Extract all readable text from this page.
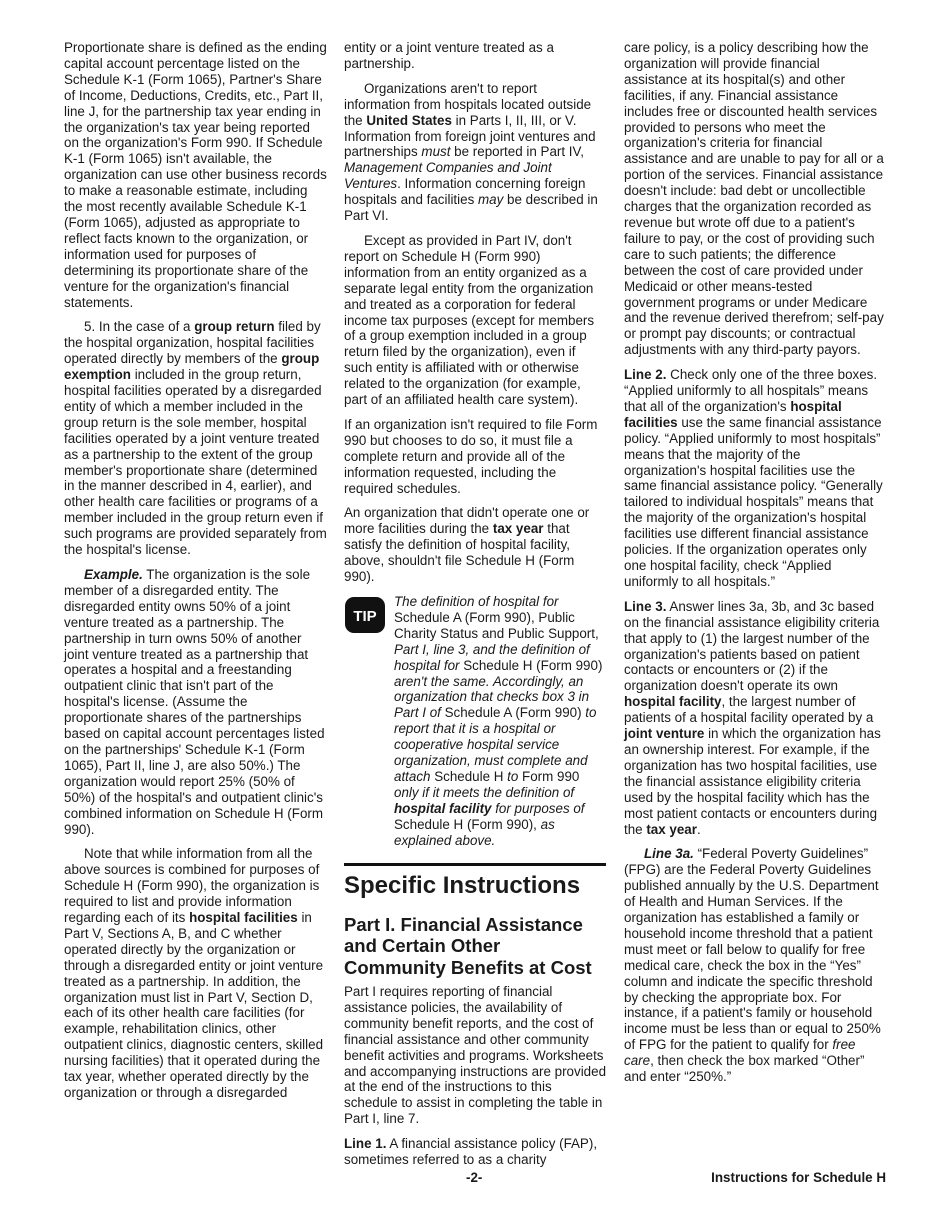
Proportionate share is defined as the ending capital account percentage listed on the Schedule K-1 (Form 1065), Partner's Share of Income, Deductions, Credits, etc., Part II, line J, for the partnership tax year ending in the organization's tax year being reported on the organization's Form 990. If Schedule K-1 (Form 1065) isn't available, the organization can use other business records to make a reasonable estimate, including the most recently available Schedule K-1 (Form 1065), adjusted as appropriate to reflect facts known to the organization, or information used for purposes of determining its proportionate share of the venture for the organization's financial statements.

5. In the case of a group return filed by the hospital organization, hospital facilities operated directly by members of the group exemption included in the group return, hospital facilities operated by a disregarded entity of which a member included in the group return is the sole member, hospital facilities operated by a joint venture treated as a partnership to the extent of the group member's proportionate share (determined in the manner described in 4, earlier), and other health care facilities or programs of a member included in the group return even if such programs are provided separately from the hospital's license.

Example. The organization is the sole member of a disregarded entity. The disregarded entity owns 50% of a joint venture treated as a partnership. The partnership in turn owns 50% of another joint venture treated as a partnership that operates a hospital and a freestanding outpatient clinic that isn't part of the hospital's license. (Assume the proportionate shares of the partnerships based on capital account percentages listed on the partnerships' Schedule K-1 (Form 1065), Part II, line J, are also 50%.) The organization would report 25% (50% of 50%) of the hospital's and outpatient clinic's combined information on Schedule H (Form 990).

Note that while information from all the above sources is combined for purposes of Schedule H (Form 990), the organization is required to list and provide information regarding each of its hospital facilities in Part V, Sections A, B, and C whether operated directly by the organization or through a disregarded entity or joint venture treated as a partnership. In addition, the organization must list in Part V, Section D, each of its other health care facilities (for example, rehabilitation clinics, other outpatient clinics, diagnostic centers, skilled nursing facilities) that it operated during the tax year, whether operated directly by the organization or through a disregarded

entity or a joint venture treated as a partnership.

Organizations aren't to report information from hospitals located outside the United States in Parts I, II, III, or V. Information from foreign joint ventures and partnerships must be reported in Part IV, Management Companies and Joint Ventures. Information concerning foreign hospitals and facilities may be described in Part VI.

Except as provided in Part IV, don't report on Schedule H (Form 990) information from an entity organized as a separate legal entity from the organization and treated as a corporation for federal income tax purposes (except for members of a group exemption included in a group return filed by the organization), even if such entity is affiliated with or otherwise related to the organization (for example, part of an affiliated health care system).

If an organization isn't required to file Form 990 but chooses to do so, it must file a complete return and provide all of the information requested, including the required schedules.

An organization that didn't operate one or more facilities during the tax year that satisfy the definition of hospital facility, above, shouldn't file Schedule H (Form 990).

TIP

The definition of hospital for Schedule A (Form 990), Public Charity Status and Public Support, Part I, line 3, and the definition of hospital for Schedule H (Form 990) aren't the same. Accordingly, an organization that checks box 3 in Part I of Schedule A (Form 990) to report that it is a hospital or cooperative hospital service organization, must complete and attach Schedule H to Form 990 only if it meets the definition of hospital facility for purposes of Schedule H (Form 990), as explained above.

Specific Instructions
Part I. Financial Assistance and Certain Other Community Benefits at Cost

Part I requires reporting of financial assistance policies, the availability of community benefit reports, and the cost of financial assistance and other community benefit activities and programs. Worksheets and accompanying instructions are provided at the end of the instructions to this schedule to assist in completing the table in Part I, line 7.

Line 1. A financial assistance policy (FAP), sometimes referred to as a charity

care policy, is a policy describing how the organization will provide financial assistance at its hospital(s) and other facilities, if any. Financial assistance includes free or discounted health services provided to persons who meet the organization's criteria for financial assistance and are unable to pay for all or a portion of the services. Financial assistance doesn't include: bad debt or uncollectible charges that the organization recorded as revenue but wrote off due to a patient's failure to pay, or the cost of providing such care to such patients; the difference between the cost of care provided under Medicaid or other means-tested government programs or under Medicare and the revenue derived therefrom; self-pay or prompt pay discounts; or contractual adjustments with any third-party payors.

Line 2. Check only one of the three boxes. “Applied uniformly to all hospitals” means that all of the organization's hospital facilities use the same financial assistance policy. “Applied uniformly to most hospitals” means that the majority of the organization's hospital facilities use the same financial assistance policy. “Generally tailored to individual hospitals” means that the majority of the organization's hospital facilities use different financial assistance policies. If the organization operates only one hospital facility, check “Applied uniformly to all hospitals.”

Line 3. Answer lines 3a, 3b, and 3c based on the financial assistance eligibility criteria that apply to (1) the largest number of the organization's patients based on patient contacts or encounters or (2) if the organization doesn't operate its own hospital facility, the largest number of patients of a hospital facility operated by a joint venture in which the organization has an ownership interest. For example, if the organization has two hospital facilities, use the financial assistance eligibility criteria used by the hospital facility which has the most patient contacts or encounters during the tax year.

Line 3a. “Federal Poverty Guidelines” (FPG) are the Federal Poverty Guidelines published annually by the U.S. Department of Health and Human Services. If the organization has established a family or household income threshold that a patient must meet or fall below to qualify for free medical care, check the box in the “Yes” column and indicate the specific threshold by checking the appropriate box. For instance, if a patient's family or household income must be less than or equal to 250% of FPG for the patient to qualify for free care, then check the box marked “Other” and enter “250%.”

-2-	Instructions for Schedule H
